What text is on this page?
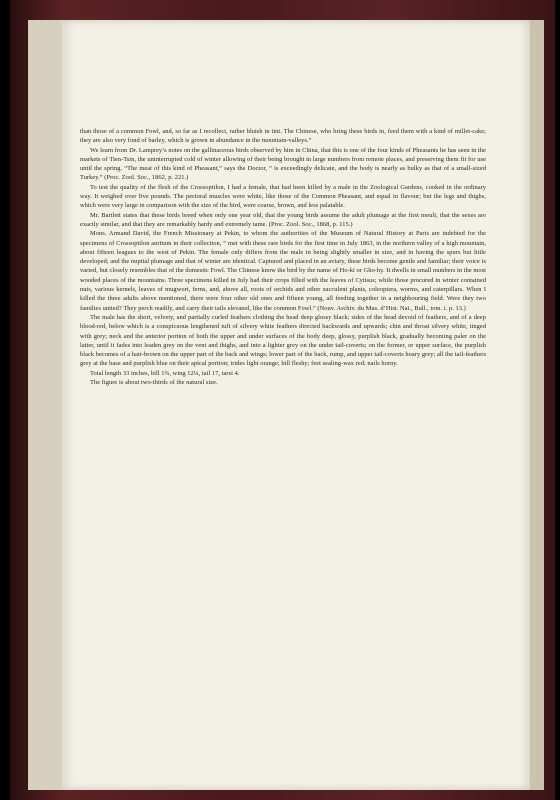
than those of a common Fowl, and, so far as I recollect, rather bluish in tint. The Chinese, who bring these birds in, feed them with a kind of millet-cake; they are also very fond of barley, which is grown in abundance in the mountain-valleys.”

We learn from Dr. Lamprey’s notes on the gallinaceous birds observed by him in China, that this is one of the four kinds of Pheasants he has seen in the markets of Tien-Tsin, the uninterrupted cold of winter allowing of their being brought in large numbers from remote places, and preserving them fit for use until the spring. “The meat of this kind of Pheasant,” says the Doctor, “ is exceedingly delicate, and the body is nearly as bulky as that of a small-sized Turkey.” (Proc. Zool. Soc., 1862, p. 221.)

To test the quality of the flesh of the Crossoptilon, I had a female, that had been killed by a male in the Zoological Gardens, cooked in the ordinary way. It weighed over five pounds. The pectoral muscles were white, like those of the Common Pheasant, and equal in flavour; but the legs and thighs, which were very large in comparison with the size of the bird, were coarse, brown, and less palatable.

Mr. Bartlett states that these birds breed when only one year old, that the young birds assume the adult plumage at the first moult, that the sexes are exactly similar, and that they are remarkably hardy and extremely tame. (Proc. Zool. Soc., 1868, p. 115.)

Mons. Armand David, the French Missionary at Pekin, to whom the authorities of the Museum of Natural History at Paris are indebted for the specimens of Crossoptilon auritum in their collection, “ met with these rare birds for the first time in July 1863, in the northern valley of a high mountain, about fifteen leagues to the west of Pekin. The female only differs from the male in being slightly smaller in size, and in having the spurs but little developed; and the nuptial plumage and that of winter are identical. Captured and placed in an aviary, these birds become gentle and familiar; their voice is varied, but closely resembles that of the domestic Fowl. The Chinese know the bird by the name of Ho-ki or Gho-hy. It dwells in small numbers in the most wooded places of the mountains. Three specimens killed in July had their crops filled with the leaves of Cytisus; while those procured in winter contained nuts, various kernels, leaves of mugwort, ferns, and, above all, roots of orchids and other succulent plants, coleoptera, worms, and caterpillars. When I killed the three adults above mentioned, there were four other old ones and fifteen young, all feeding together in a neighbouring field. Were they two families united? They perch readily, and carry their tails elevated, like the common Fowl.” (Nouv. Archiv. du Mus. d’Hist. Nat., Bull., tom. i. p. 13.)

The male has the short, velvety, and partially curled feathers clothing the head deep glossy black; sides of the head devoid of feathers, and of a deep blood-red, below which is a conspicuous lengthened tuft of silvery white feathers directed backwards and upwards; chin and throat silvery white, tinged with grey; neck and the anterior portion of both the upper and under surfaces of the body deep, glossy, purplish black, gradually becoming paler on the latter, until it fades into leaden grey on the vent and thighs, and into a lighter grey on the under tail-coverts; on the former, or upper surface, the purplish black becomes of a hair-brown on the upper part of the back and wings; lower part of the back, rump, and upper tail-coverts hoary grey; all the tail-feathers grey at the base and purplish blue on their apical portion; irides light orange; bill fleshy; feet sealing-wax red; nails horny.

Total length 33 inches, bill 1¾, wing 12¼, tail 17, tarsi 4.

The figure is about two-thirds of the natural size.
